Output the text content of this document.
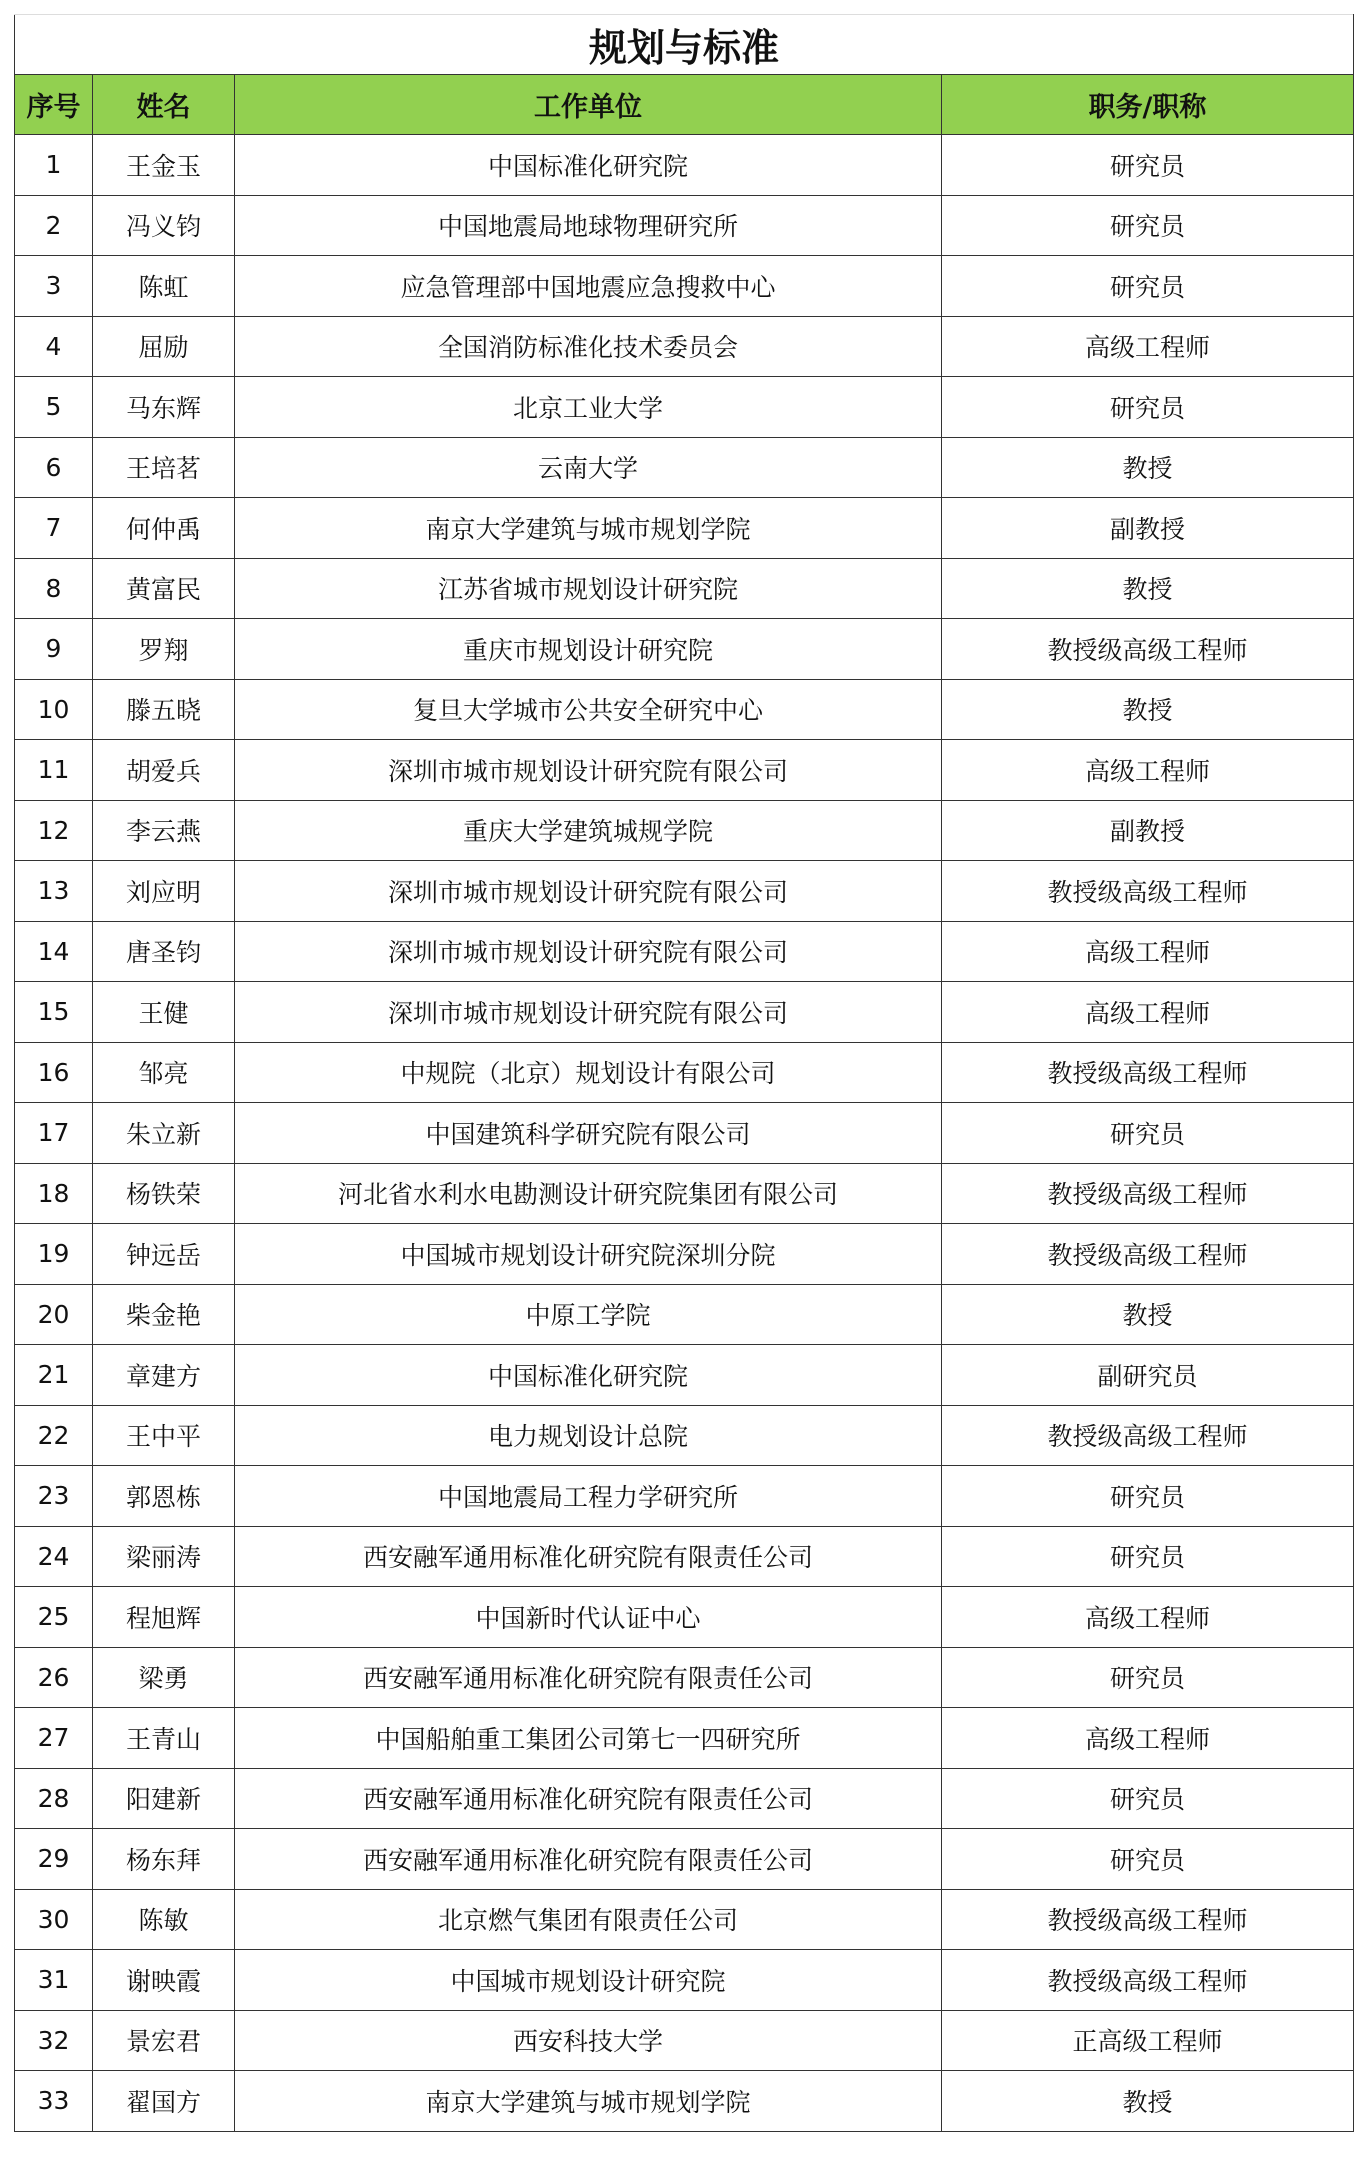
规划与标准			
序号	姓名	工作单位	职务/职称
1	王金玉	中国标准化研究院	研究员
2	冯义钧	中国地震局地球物理研究所	研究员
3	陈虹	应急管理部中国地震应急搜救中心	研究员
4	屈励	全国消防标准化技术委员会	高级工程师
5	马东辉	北京工业大学	研究员
6	王培茗	云南大学	教授
7	何仲禹	南京大学建筑与城市规划学院	副教授
8	黄富民	江苏省城市规划设计研究院	教授
9	罗翔	重庆市规划设计研究院	教授级高级工程师
10	滕五晓	复旦大学城市公共安全研究中心	教授
11	胡爱兵	深圳市城市规划设计研究院有限公司	高级工程师
12	李云燕	重庆大学建筑城规学院	副教授
13	刘应明	深圳市城市规划设计研究院有限公司	教授级高级工程师
14	唐圣钧	深圳市城市规划设计研究院有限公司	高级工程师
15	王健	深圳市城市规划设计研究院有限公司	高级工程师
16	邹亮	中规院（北京）规划设计有限公司	教授级高级工程师
17	朱立新	中国建筑科学研究院有限公司	研究员
18	杨铁荣	河北省水利水电勘测设计研究院集团有限公司	教授级高级工程师
19	钟远岳	中国城市规划设计研究院深圳分院	教授级高级工程师
20	柴金艳	中原工学院	教授
21	章建方	中国标准化研究院	副研究员
22	王中平	电力规划设计总院	教授级高级工程师
23	郭恩栋	中国地震局工程力学研究所	研究员
24	梁丽涛	西安融军通用标准化研究院有限责任公司	研究员
25	程旭辉	中国新时代认证中心	高级工程师
26	梁勇	西安融军通用标准化研究院有限责任公司	研究员
27	王青山	中国船舶重工集团公司第七一四研究所	高级工程师
28	阳建新	西安融军通用标准化研究院有限责任公司	研究员
29	杨东拜	西安融军通用标准化研究院有限责任公司	研究员
30	陈敏	北京燃气集团有限责任公司	教授级高级工程师
31	谢映霞	中国城市规划设计研究院	教授级高级工程师
32	景宏君	西安科技大学	正高级工程师
33	翟国方	南京大学建筑与城市规划学院	教授
